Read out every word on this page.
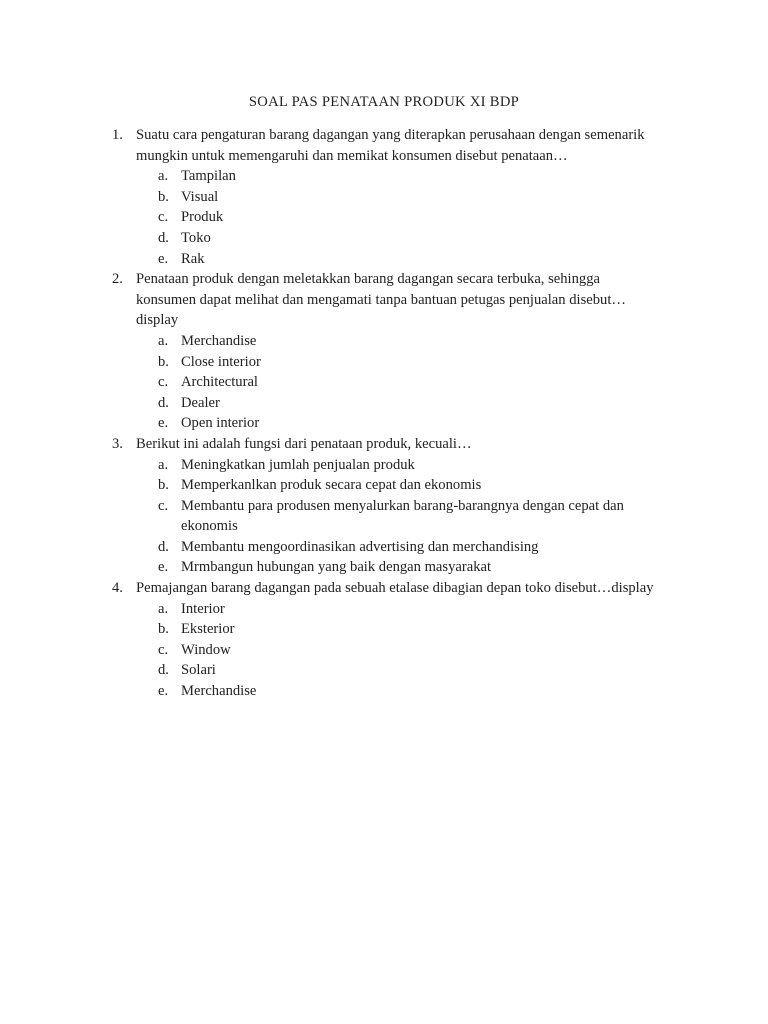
SOAL PAS PENATAAN PRODUK XI BDP
1. Suatu cara pengaturan barang dagangan yang diterapkan perusahaan dengan semenarik
mungkin untuk memengaruhi dan memikat konsumen disebut penataan…
a. Tampilan
b. Visual
c. Produk
d. Toko
e. Rak
2. Penataan produk dengan meletakkan barang dagangan secara terbuka, sehingga
konsumen dapat melihat dan mengamati tanpa bantuan petugas penjualan disebut…
display
a. Merchandise
b. Close interior
c. Architectural
d. Dealer
e. Open interior
3. Berikut ini adalah fungsi dari penataan produk, kecuali…
a. Meningkatkan jumlah penjualan produk
b. Memperkanlkan produk secara cepat dan ekonomis
c. Membantu para produsen menyalurkan barang-barangnya dengan cepat dan
ekonomis
d. Membantu mengoordinasikan advertising dan merchandising
e. Mrmbangun hubungan yang baik dengan masyarakat
4. Pemajangan barang dagangan pada sebuah etalase dibagian depan toko disebut…display
a. Interior
b. Eksterior
c. Window
d. Solari
e. Merchandise
